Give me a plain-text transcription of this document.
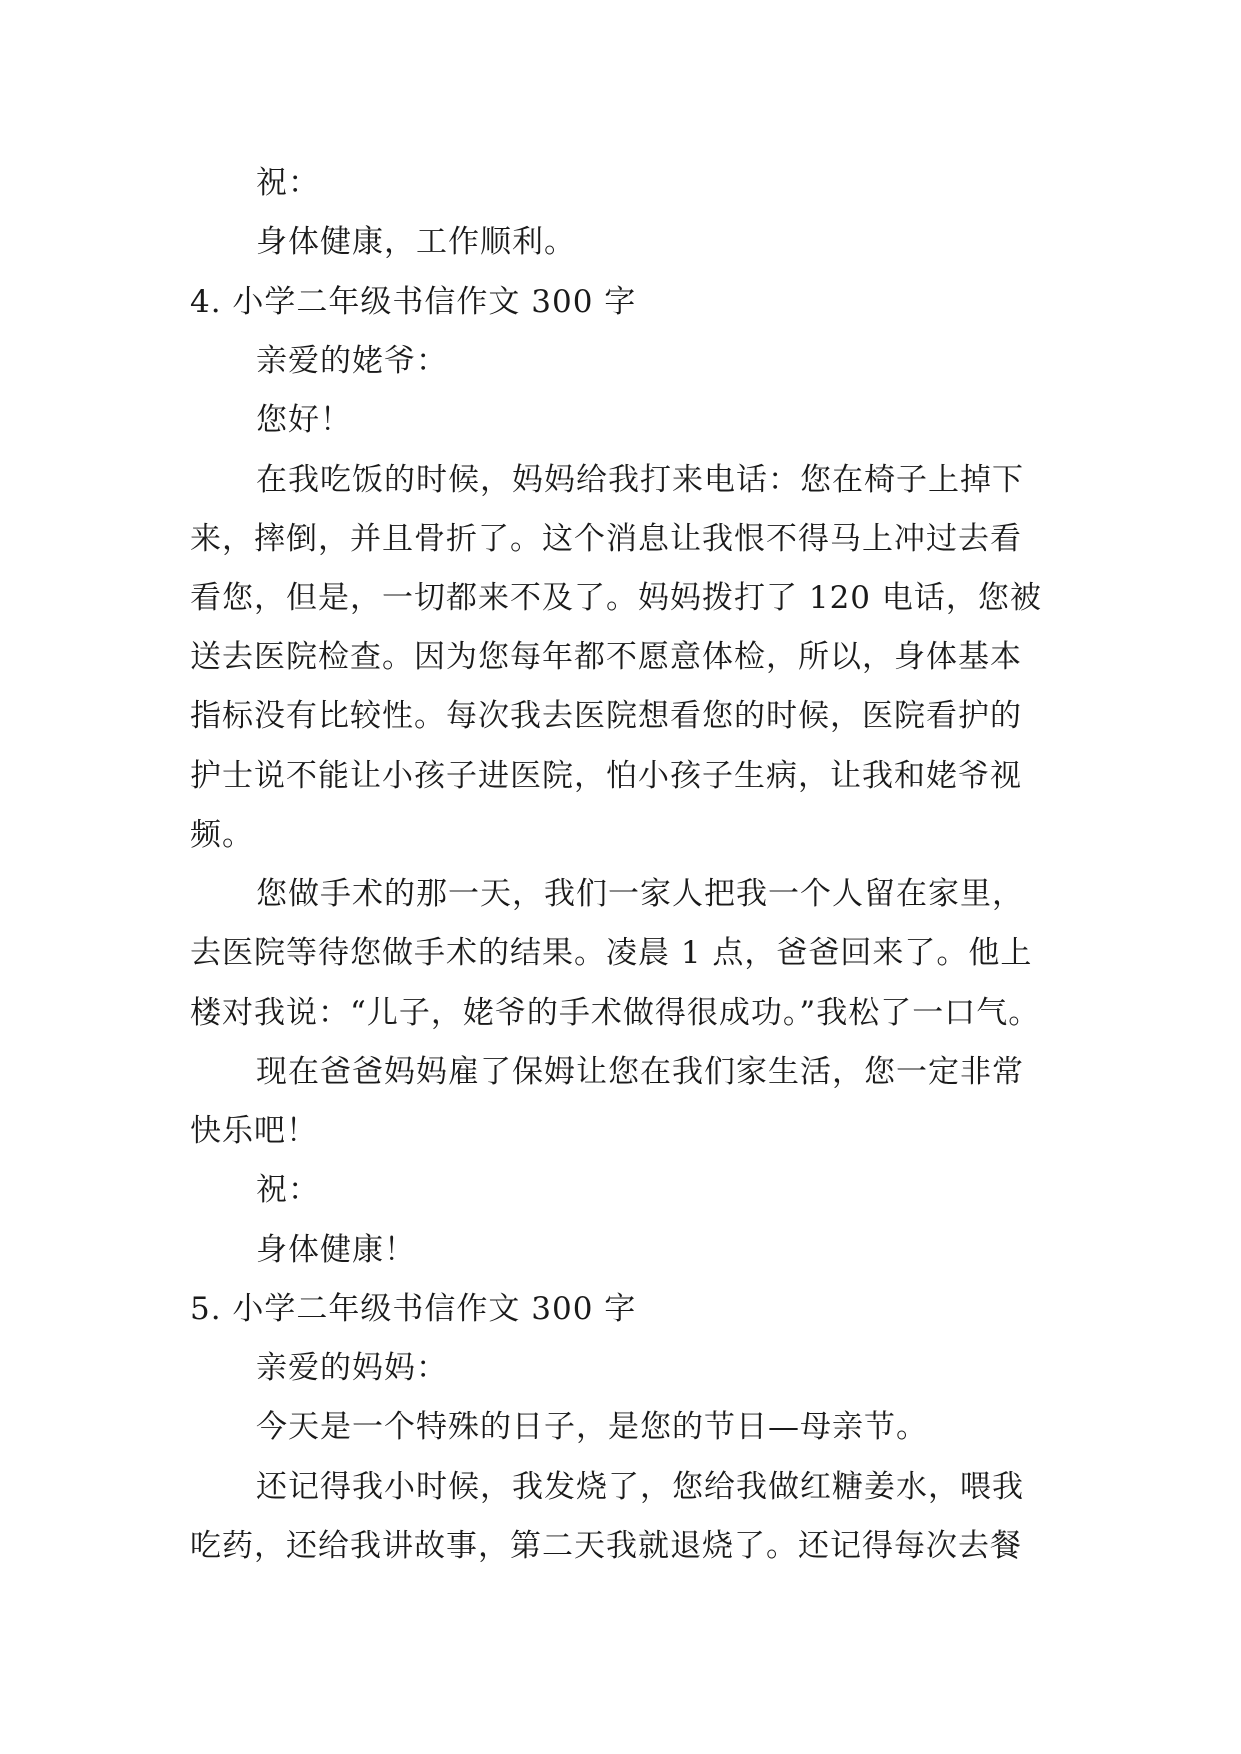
祝：
身体健康，工作顺利。
4. 小学二年级书信作文 300 字
亲爱的姥爷：
您好！
在我吃饭的时候，妈妈给我打来电话：您在椅子上掉下
来，摔倒，并且骨折了。这个消息让我恨不得马上冲过去看
看您，但是，一切都来不及了。妈妈拨打了 120 电话，您被
送去医院检查。因为您每年都不愿意体检，所以，身体基本
指标没有比较性。每次我去医院想看您的时候，医院看护的
护士说不能让小孩子进医院，怕小孩子生病，让我和姥爷视
频。
您做手术的那一天，我们一家人把我一个人留在家里，
去医院等待您做手术的结果。凌晨 1 点，爸爸回来了。他上
楼对我说：“儿子，姥爷的手术做得很成功。”我松了一口气。
现在爸爸妈妈雇了保姆让您在我们家生活，您一定非常
快乐吧！
祝：
身体健康！
5. 小学二年级书信作文 300 字
亲爱的妈妈：
今天是一个特殊的日子，是您的节日—母亲节。
还记得我小时候，我发烧了，您给我做红糖姜水，喂我
吃药，还给我讲故事，第二天我就退烧了。还记得每次去餐
